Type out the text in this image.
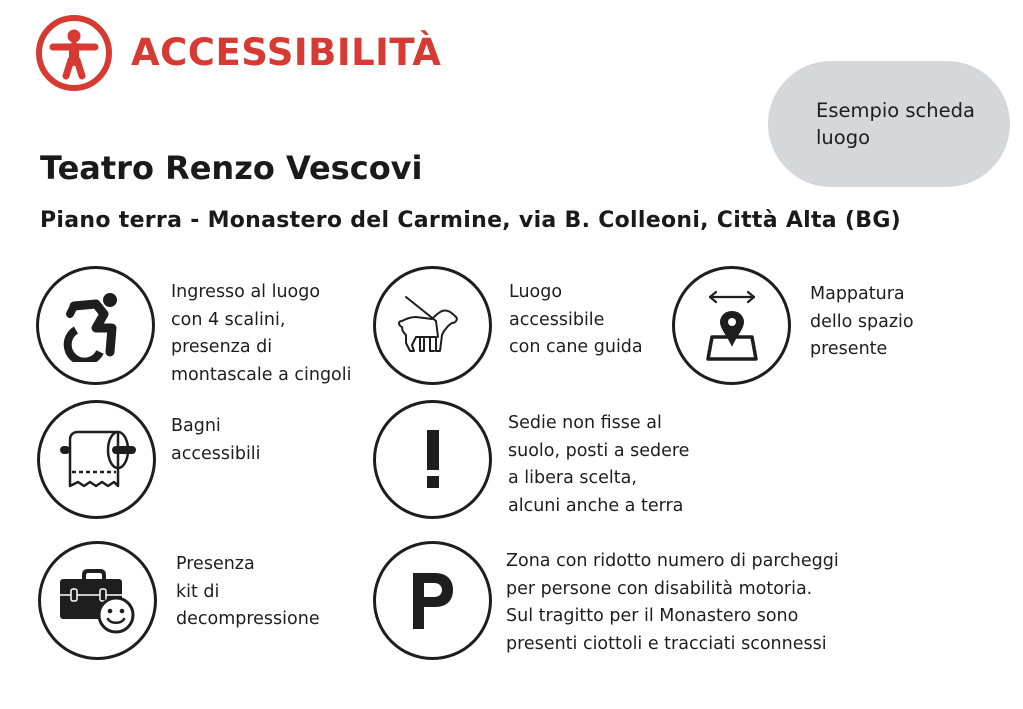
ACCESSIBILITÀ
Esempio scheda
luogo
Teatro Renzo Vescovi
Piano terra - Monastero del Carmine, via B. Colleoni, Città Alta (BG)
Ingresso al luogo
con 4 scalini,
presenza di
montascale a cingoli
Luogo
accessibile
con cane guida
Mappatura
dello spazio
presente
Bagni
accessibili
Sedie non fisse al
suolo, posti a sedere
a libera scelta,
alcuni anche a terra
Presenza
kit di
decompressione
Zona con ridotto numero di parcheggi
per persone con disabilità motoria.
Sul tragitto per il Monastero sono
presenti ciottoli e tracciati sconnessi
